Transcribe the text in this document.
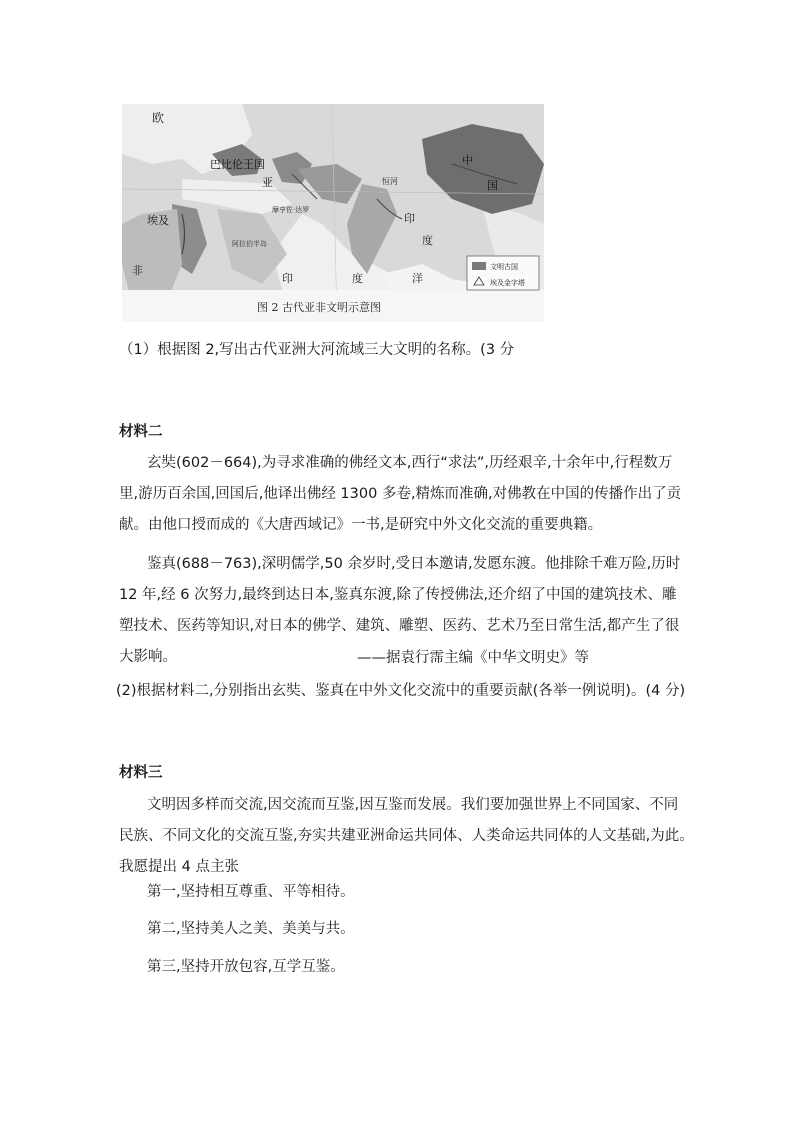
欧
巴比伦王国
亚
中
国
印
度
恒河
摩亨佐·达罗
阿拉伯半岛
埃及
非
印	度	洋
文明古国
埃及金字塔
图 2 古代亚非文明示意图
（1）根据图 2,写出古代亚洲大河流域三大文明的名称。(3 分
材料二
玄奘(602－664),为寻求准确的佛经文本,西行“求法”,历经艰辛,十余年中,行程数万
里,游历百余国,回国后,他译出佛经 1300 多卷,精炼而准确,对佛教在中国的传播作出了贡
献。由他口授而成的《大唐西域记》一书,是研究中外文化交流的重要典籍。
鉴真(688－763),深明儒学,50 余岁时,受日本邀请,发愿东渡。他排除千难万险,历时
12 年,经 6 次努力,最终到达日本,鉴真东渡,除了传授佛法,还介绍了中国的建筑技术、雕
塑技术、医药等知识,对日本的佛学、建筑、雕塑、医药、艺术乃至日常生活,都产生了很
大影响。	——据袁行霈主编《中华文明史》等
(2)根据材料二,分别指出玄奘、鉴真在中外文化交流中的重要贡献(各举一例说明)。(4 分)
材料三
文明因多样而交流,因交流而互鉴,因互鉴而发展。我们要加强世界上不同国家、不同
民族、不同文化的交流互鉴,夯实共建亚洲命运共同体、人类命运共同体的人文基础,为此。
我愿提出 4 点主张
第一,坚持相互尊重、平等相待。
第二,坚持美人之美、美美与共。
第三,坚持开放包容,互学互鉴。
